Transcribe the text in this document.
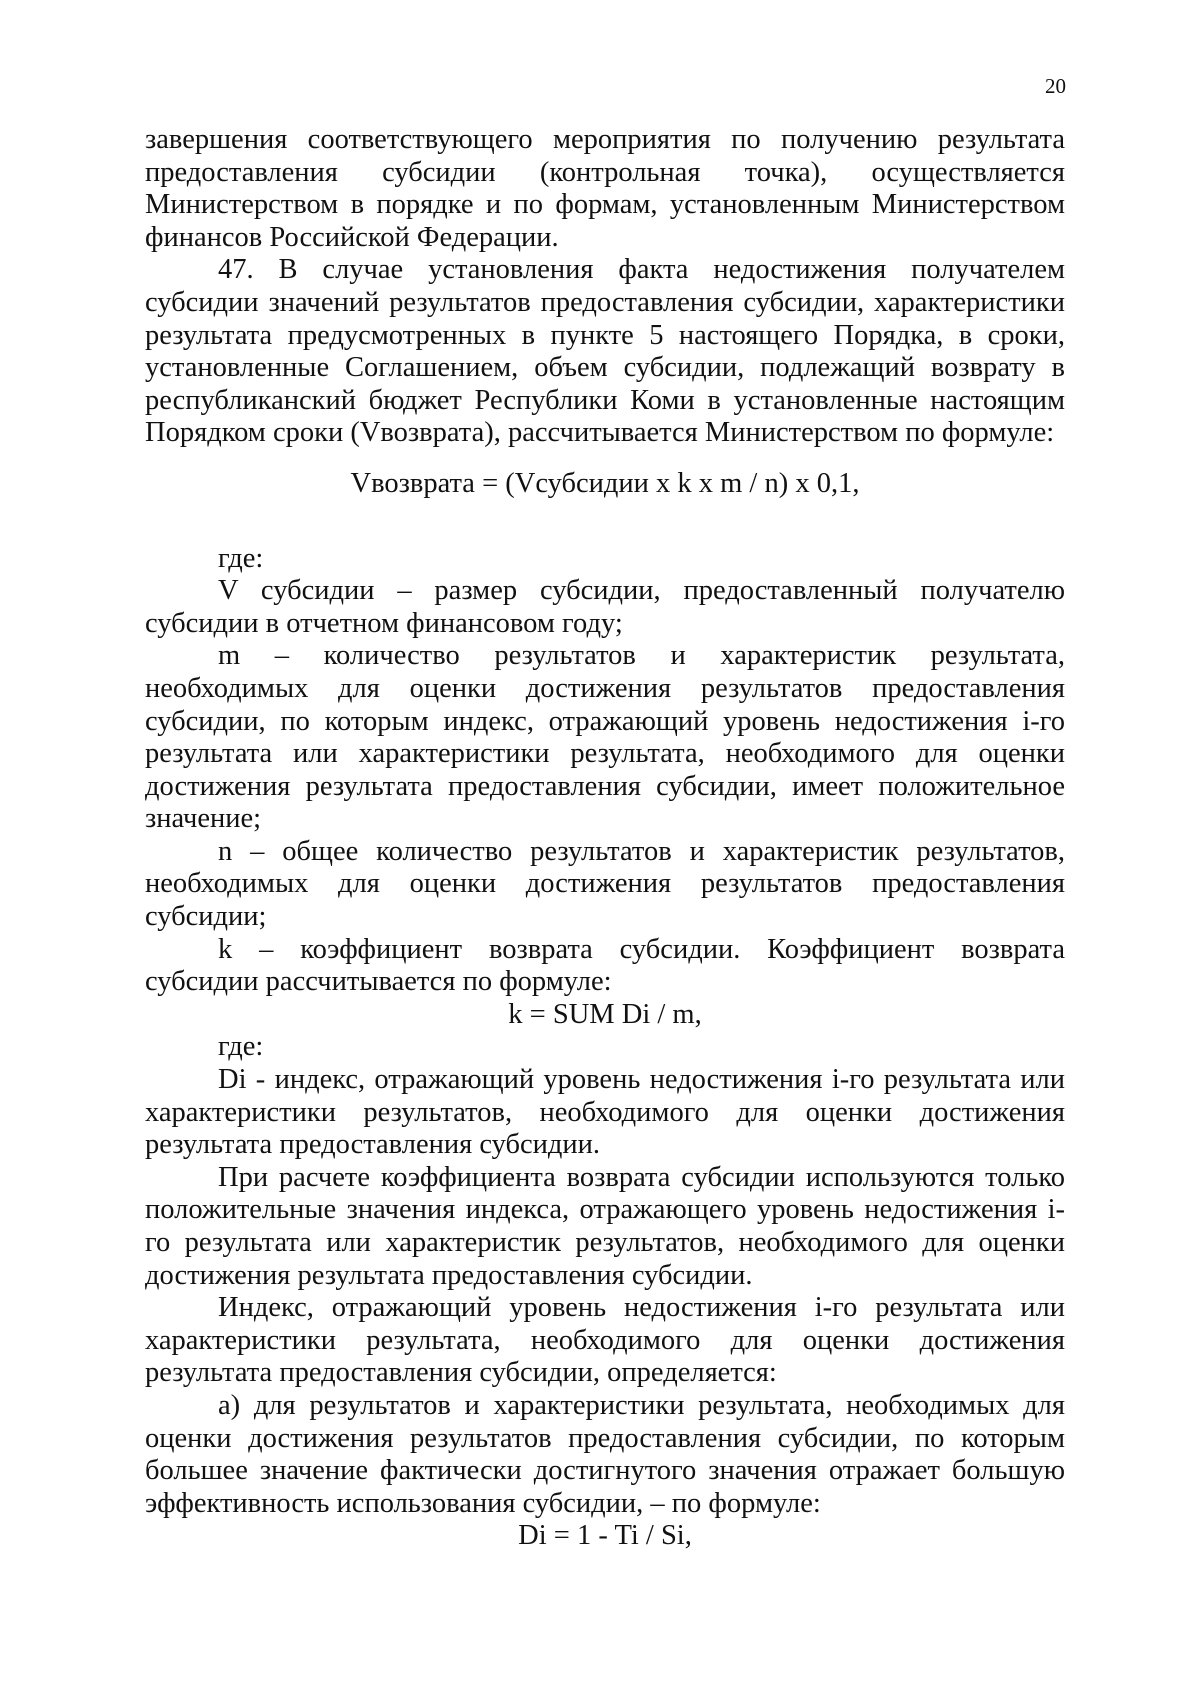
20

завершения соответствующего мероприятия по получению результата предоставления субсидии (контрольная точка), осуществляется Министерством в порядке и по формам, установленным Министерством финансов Российской Федерации.

47. В случае установления факта недостижения получателем субсидии значений результатов предоставления субсидии, характеристики результата предусмотренных в пункте 5 настоящего Порядка, в сроки, установленные Соглашением, объем субсидии, подлежащий возврату в республиканский бюджет Республики Коми в установленные настоящим Порядком сроки (Vвозврата), рассчитывается Министерством по формуле:

Vвозврата = (Vсубсидии x k x m / n) x 0,1,

где:

V субсидии – размер субсидии, предоставленный получателю субсидии в отчетном финансовом году;

m – количество результатов и характеристик результата, необходимых для оценки достижения результатов предоставления субсидии, по которым индекс, отражающий уровень недостижения i-го результата или характеристики результата, необходимого для оценки достижения результата предоставления субсидии, имеет положительное значение;

n – общее количество результатов и характеристик результатов, необходимых для оценки достижения результатов предоставления субсидии;

k – коэффициент возврата субсидии. Коэффициент возврата субсидии рассчитывается по формуле:

k = SUM Di / m,

где:

Di - индекс, отражающий уровень недостижения i-го результата или характеристики результатов, необходимого для оценки достижения результата предоставления субсидии.

При расчете коэффициента возврата субсидии используются только положительные значения индекса, отражающего уровень недостижения i-го результата или характеристик результатов, необходимого для оценки достижения результата предоставления субсидии.

Индекс, отражающий уровень недостижения i-го результата или характеристики результата, необходимого для оценки достижения результата предоставления субсидии, определяется:

а) для результатов и характеристики результата, необходимых для оценки достижения результатов предоставления субсидии, по которым большее значение фактически достигнутого значения отражает большую эффективность использования субсидии, – по формуле:

Di = 1 - Ti / Si,
